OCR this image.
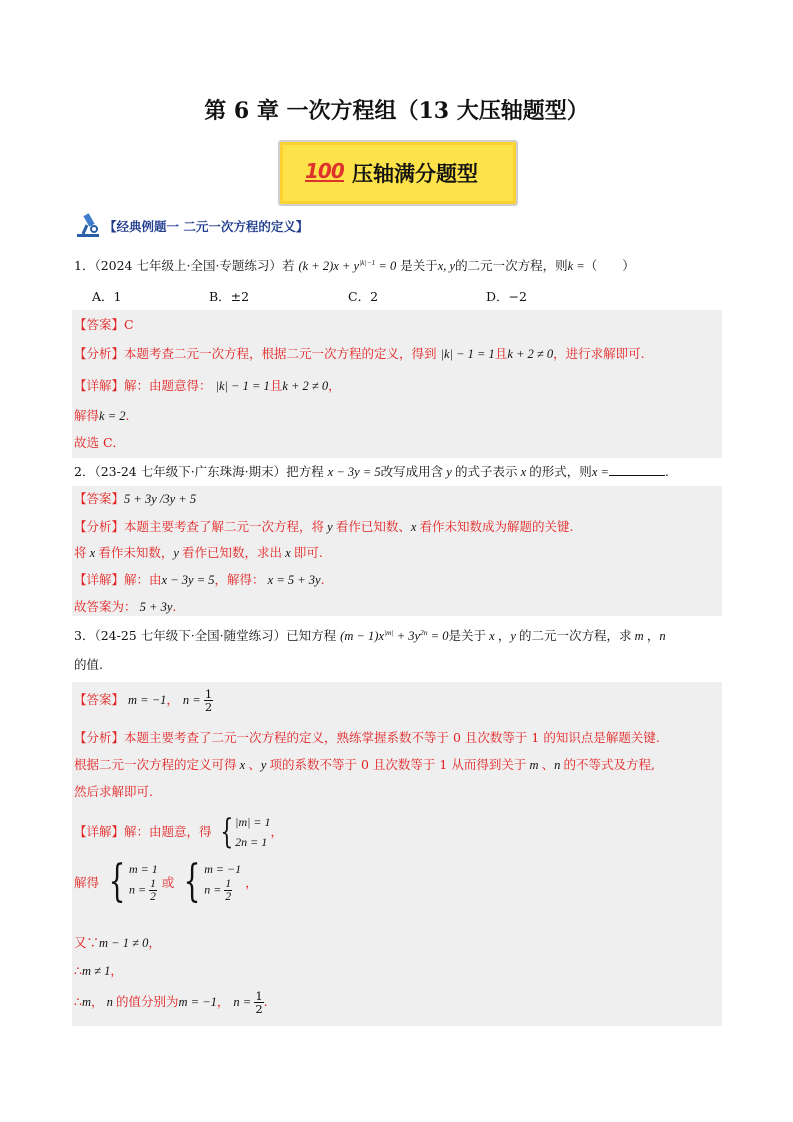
第 6 章 一次方程组（13 大压轴题型）
100 压轴满分题型
【经典例题一 二元一次方程的定义】
1．（2024 七年级上·全国·专题练习）若 $(k + 2)x + y^{|k|-1} = 0$ 是关于x, y的二元一次方程，则k =（　　）
A．1	B．±2	C．2	D．−2
【答案】C
【分析】本题考查二元一次方程，根据二元一次方程的定义，得到 |k| − 1 = 1且k + 2 ≠ 0，进行求解即可.
【详解】解：由题意得： |k| − 1 = 1且k + 2 ≠ 0，
解得k = 2.
故选 C．
2．（23-24 七年级下·广东珠海·期末）把方程 x − 3y = 5改写成用含 y 的式子表示 x 的形式，则x =	.
【答案】5 + 3y /3y + 5
【分析】本题主要考查了解二元一次方程，将 y 看作已知数、x 看作未知数成为解题的关键.
将 x 看作未知数，y 看作已知数，求出 x 即可.
【详解】解：由x − 3y = 5，解得： x = 5 + 3y.
故答案为： 5 + 3y.
3．（24-25 七年级下·全国·随堂练习）已知方程 $(m - 1)x^{|m|} + 3y^{2n} = 0$是关于 x ，y 的二元一次方程，求 m ，n
的值.
【答案】 m = −1， $n = \frac{1}{2}$
【分析】本题主要考查了二元一次方程的定义，熟练掌握系数不等于 0 且次数等于 1 的知识点是解题关键.
根据二元一次方程的定义可得 x 、y 项的系数不等于 0 且次数等于 1 从而得到关于 m 、n 的不等式及方程,
然后求解即可.
【详解】解：由题意，得 { |m| = 1
2n = 1，
解得 { m = 1
$n = \frac{1}{2}$ 或 { m = −1
$n = \frac{1}{2}$ ，
又∵m − 1 ≠ 0，
∴m ≠ 1，
∴m， n 的值分别为m = −1， $n = \frac{1}{2}$ .
